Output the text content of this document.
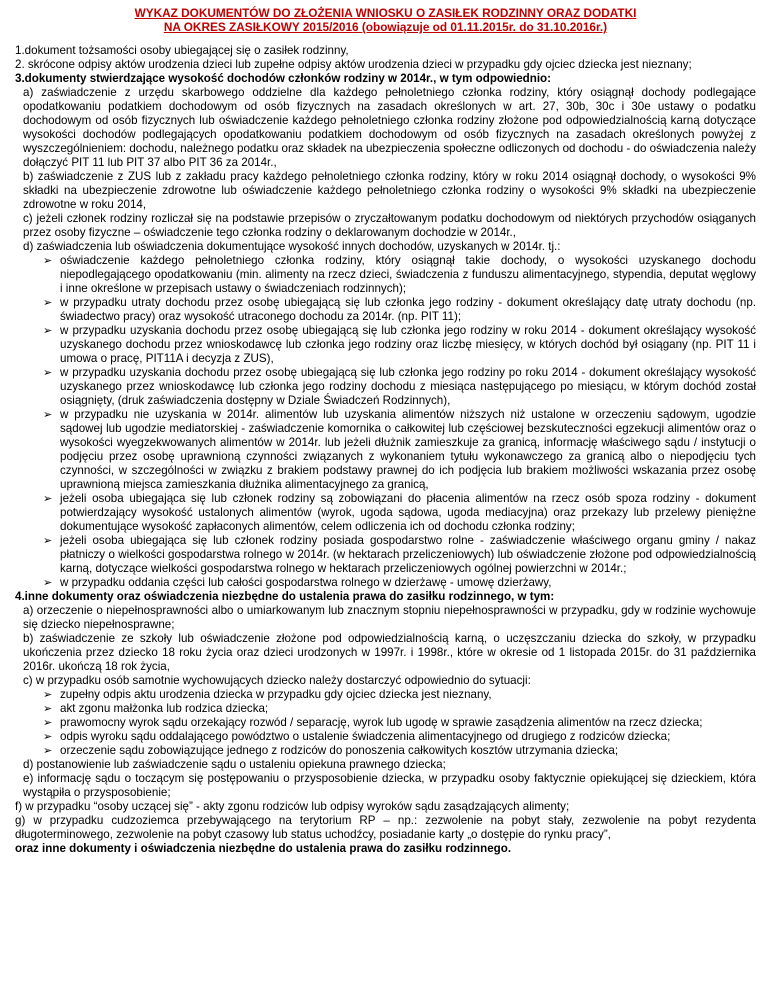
WYKAZ DOKUMENTÓW DO ZŁOŻENIA WNIOSKU O ZASIŁEK RODZINNY ORAZ DODATKI
NA OKRES ZASIŁKOWY 2015/2016 (obowiązuje od 01.11.2015r. do 31.10.2016r.)

1.dokument tożsamości osoby ubiegającej się o zasiłek rodzinny,

2. skrócone odpisy aktów urodzenia dzieci lub zupełne odpisy aktów urodzenia dzieci w przypadku gdy ojciec dziecka jest nieznany;

3.dokumenty stwierdzające wysokość dochodów członków rodziny w 2014r., w tym odpowiednio:

a) zaświadczenie z urzędu skarbowego oddzielne dla każdego pełnoletniego członka rodziny, który osiągnął dochody podlegające opodatkowaniu podatkiem dochodowym od osób fizycznych na zasadach określonych w art. 27, 30b, 30c i 30e ustawy o podatku dochodowym od osób fizycznych lub oświadczenie każdego pełnoletniego członka rodziny złożone pod odpowiedzialnością karną dotyczące wysokości dochodów podlegających opodatkowaniu podatkiem dochodowym od osób fizycznych na zasadach określonych powyżej z wyszczególnieniem: dochodu, należnego podatku oraz składek na ubezpieczenia społeczne odliczonych od dochodu - do oświadczenia należy dołączyć PIT 11 lub PIT 37 albo PIT 36 za 2014r.,

b) zaświadczenie z ZUS lub z zakładu pracy każdego pełnoletniego członka rodziny, który w roku 2014 osiągnął dochody, o wysokości 9% składki na ubezpieczenie zdrowotne lub oświadczenie każdego pełnoletniego członka rodziny o wysokości 9% składki na ubezpieczenie zdrowotne w roku 2014,

c) jeżeli członek rodziny rozliczał się na podstawie przepisów o zryczałtowanym podatku dochodowym od niektórych przychodów osiąganych przez osoby fizyczne – oświadczenie tego członka rodziny o deklarowanym dochodzie w 2014r.,

d) zaświadczenia lub oświadczenia dokumentujące wysokość innych dochodów, uzyskanych w 2014r. tj.:

➢ oświadczenie każdego pełnoletniego członka rodziny, który osiągnął takie dochody, o wysokości uzyskanego dochodu niepodlegającego opodatkowaniu (min. alimenty na rzecz dzieci, świadczenia z funduszu alimentacyjnego, stypendia, deputat węglowy i inne określone w przepisach ustawy o świadczeniach rodzinnych);
➢ w przypadku utraty dochodu przez osobę ubiegającą się lub członka jego rodziny - dokument określający datę utraty dochodu (np. świadectwo pracy) oraz wysokość utraconego dochodu za 2014r. (np. PIT 11);
➢ w przypadku uzyskania dochodu przez osobę ubiegającą się lub członka jego rodziny w roku 2014 - dokument określający wysokość uzyskanego dochodu przez wnioskodawcę lub członka jego rodziny oraz liczbę miesięcy, w których dochód był osiągany (np. PIT 11 i umowa o pracę, PIT11A i decyzja z ZUS),
➢ w przypadku uzyskania dochodu przez osobę ubiegającą się lub członka jego rodziny po roku 2014 - dokument określający wysokość uzyskanego przez wnioskodawcę lub członka jego rodziny dochodu z miesiąca następującego po miesiącu, w którym dochód został osiągnięty, (druk zaświadczenia dostępny w Dziale Świadczeń Rodzinnych),
➢ w przypadku nie uzyskania w 2014r. alimentów lub uzyskania alimentów niższych niż ustalone w orzeczeniu sądowym, ugodzie sądowej lub ugodzie mediatorskiej - zaświadczenie komornika o całkowitej lub częściowej bezskuteczności egzekucji alimentów oraz o wysokości wyegzekwowanych alimentów w 2014r. lub jeżeli dłużnik zamieszkuje za granicą, informację właściwego sądu / instytucji o podjęciu przez osobę uprawnioną czynności związanych z wykonaniem tytułu wykonawczego za granicą albo o niepodjęciu tych czynności, w szczególności w związku z brakiem podstawy prawnej do ich podjęcia lub brakiem możliwości wskazania przez osobę uprawnioną miejsca zamieszkania dłużnika alimentacyjnego za granicą,
➢ jeżeli osoba ubiegająca się lub członek rodziny są zobowiązani do płacenia alimentów na rzecz osób spoza rodziny - dokument potwierdzający wysokość ustalonych alimentów (wyrok, ugoda sądowa, ugoda mediacyjna) oraz przekazy lub przelewy pieniężne dokumentujące wysokość zapłaconych alimentów, celem odliczenia ich od dochodu członka rodziny;
➢ jeżeli osoba ubiegająca się lub członek rodziny posiada gospodarstwo rolne - zaświadczenie właściwego organu gminy / nakaz płatniczy o wielkości gospodarstwa rolnego w 2014r. (w hektarach przeliczeniowych) lub oświadczenie złożone pod odpowiedzialnością karną, dotyczące wielkości gospodarstwa rolnego w hektarach przeliczeniowych ogólnej powierzchni w 2014r.;
➢ w przypadku oddania części lub całości gospodarstwa rolnego w dzierżawę - umowę dzierżawy,

4.inne dokumenty oraz oświadczenia niezbędne do ustalenia prawa do zasiłku rodzinnego, w tym:

a) orzeczenie o niepełnosprawności albo o umiarkowanym lub znacznym stopniu niepełnosprawności w przypadku, gdy w rodzinie wychowuje się dziecko niepełnosprawne;

b) zaświadczenie ze szkoły lub oświadczenie złożone pod odpowiedzialnością karną, o uczęszczaniu dziecka do szkoły, w przypadku ukończenia przez dziecko 18 roku życia oraz dzieci urodzonych w 1997r. i 1998r., które w okresie od 1 listopada 2015r. do 31 października 2016r. ukończą 18 rok życia,

c) w przypadku osób samotnie wychowujących dziecko należy dostarczyć odpowiednio do sytuacji:

➢ zupełny odpis aktu urodzenia dziecka w przypadku gdy ojciec dziecka jest nieznany,
➢ akt zgonu małżonka lub rodzica dziecka;
➢ prawomocny wyrok sądu orzekający rozwód / separację, wyrok lub ugodę w sprawie zasądzenia alimentów na rzecz dziecka;
➢ odpis wyroku sądu oddalającego powództwo o ustalenie świadczenia alimentacyjnego od drugiego z rodziców dziecka;
➢ orzeczenie sądu zobowiązujące jednego z rodziców do ponoszenia całkowitych kosztów utrzymania dziecka;

d) postanowienie lub zaświadczenie sądu o ustaleniu opiekuna prawnego dziecka;

e) informację sądu o toczącym się postępowaniu o przysposobienie dziecka, w przypadku osoby faktycznie opiekującej się dzieckiem, która wystąpiła o przysposobienie;

f) w przypadku “osoby uczącej się” - akty zgonu rodziców lub odpisy wyroków sądu zasądzających alimenty;

g) w przypadku cudzoziemca przebywającego na terytorium RP – np.: zezwolenie na pobyt stały, zezwolenie na pobyt rezydenta długoterminowego, zezwolenie na pobyt czasowy lub status uchodźcy, posiadanie karty „o dostępie do rynku pracy”,

oraz inne dokumenty i oświadczenia niezbędne do ustalenia prawa do zasiłku rodzinnego.
